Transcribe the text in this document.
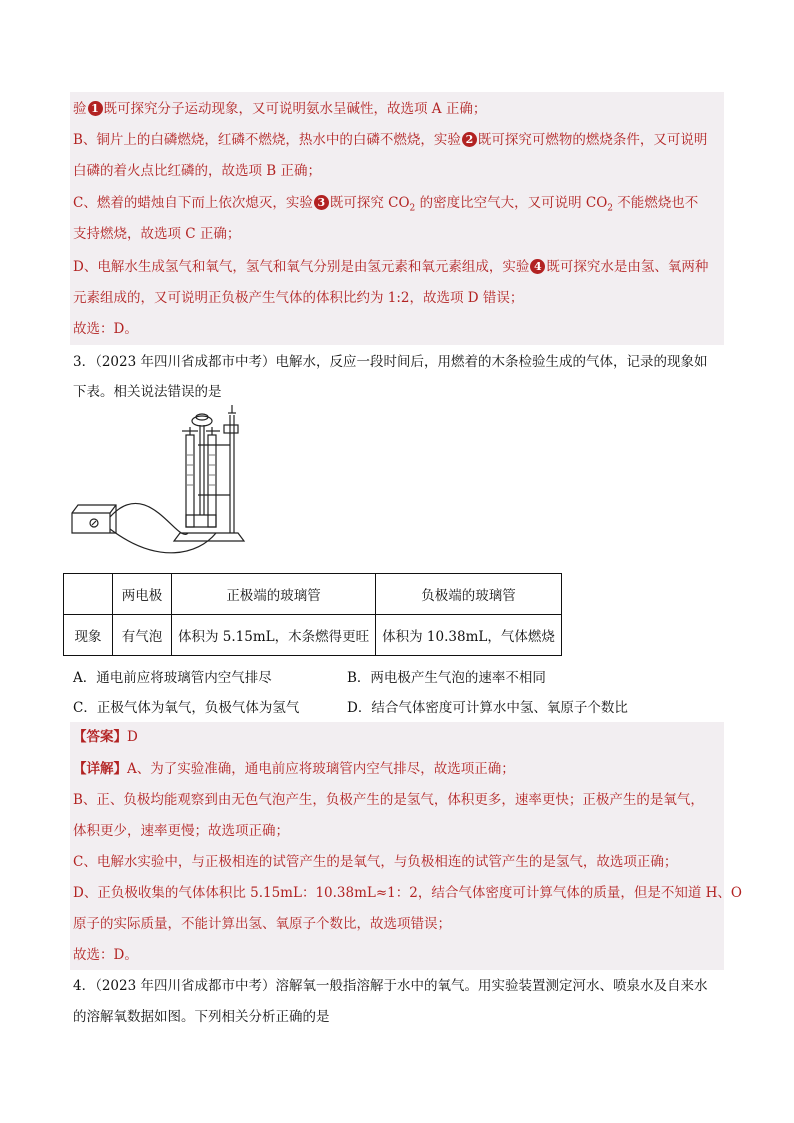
验 1 既可探究分子运动现象，又可说明氨水呈碱性，故选项 A 正确；
B、铜片上的白磷燃烧，红磷不燃烧，热水中的白磷不燃烧，实验 2 既可探究可燃物的燃烧条件，又可说明
白磷的着火点比红磷的，故选项 B 正确；
C、燃着的蜡烛自下而上依次熄灭，实验 3 既可探究 $CO_2$ 的密度比空气大，又可说明 $CO_2$ 不能燃烧也不
支持燃烧，故选项 C 正确；
D、电解水生成氢气和氧气，氢气和氧气分别是由氢元素和氧元素组成，实验 4 既可探究水是由氢、氧两种
元素组成的，又可说明正负极产生气体的体积比约为 1:2，故选项 D 错误；
故选：D。
3．（2023 年四川省成都市中考）电解水，反应一段时间后，用燃着的木条检验生成的气体，记录的现象如
下表。相关说法错误的是
	两电极	正极端的玻璃管	负极端的玻璃管
现象	有气泡	体积为 5.15mL，木条燃得更旺	体积为 10.38mL，气体燃烧
A．通电前应将玻璃管内空气排尽	B．两电极产生气泡的速率不相同
C．正极气体为氧气，负极气体为氢气	D．结合气体密度可计算水中氢、氧原子个数比
【答案】D
【详解】A、为了实验准确，通电前应将玻璃管内空气排尽，故选项正确；
B、正、负极均能观察到由无色气泡产生，负极产生的是氢气，体积更多，速率更快；正极产生的是氧气，
体积更少，速率更慢；故选项正确；
C、电解水实验中，与正极相连的试管产生的是氧气，与负极相连的试管产生的是氢气，故选项正确；
D、正负极收集的气体体积比 5.15mL：10.38mL≈1：2，结合气体密度可计算气体的质量，但是不知道 H、O
原子的实际质量，不能计算出氢、氧原子个数比，故选项错误；
故选：D。
4．（2023 年四川省成都市中考）溶解氧一般指溶解于水中的氧气。用实验装置测定河水、喷泉水及自来水
的溶解氧数据如图。下列相关分析正确的是
